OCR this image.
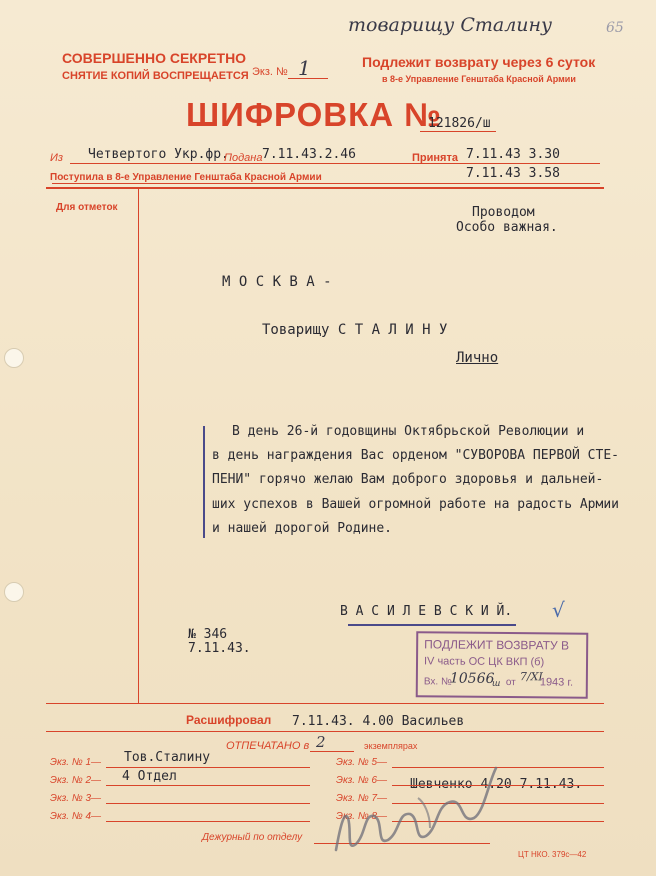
товарищу Сталину	65
СОВЕРШЕННО СЕКРЕТНО
СНЯТИЕ КОПИЙ ВОСПРЕЩАЕТСЯ Экз. № 1	Подлежит возврату через 6 суток
в 8-е Управление Генштаба Красной Армии
ШИФРОВКА №
121826/ш
Из Четвертого Укр.фр.
Подана 7.11.43.2.46	Принята 7.11.43 3.30
Поступила в 8-е Управление Генштаба Красной Армии	7.11.43 3.58
Для отметок	Проводом
Особо важная.
М О С К В А -
Товарищу С Т А Л И Н У
Лично
В день 26-й годовщины Октябрьской Революции и
в день награждения Вас орденом "СУВОРОВА ПЕРВОЙ СТЕ-
ПЕНИ" горячо желаю Вам доброго здоровья и дальней-
ших успехов в Вашей огромной работе на радость Армии
и нашей дорогой Родине.
В А С И Л Е В С К И Й. √
№ 346
7.11.43.	ПОДЛЕЖИТ ВОЗВРАТУ В
IV часть ОС ЦК ВКП (б)
Вх. №
10566
ш от 7/XI
1943 г.
Расшифровал 7.11.43. 4.00 Васильев
ОТПЕЧАТАНО в 2	экземплярах
Экз. № 1— Тов.Сталину
Экз. № 2— 4 Отдел
Экз. № 3—
Экз. № 4—
Экз. № 5—
Экз. № 6— Шевченко 4.20 7.11.43.
Экз. № 7—
Экз. № 8—
Дежурный по отделу
ЦТ НКО. 379с—42
